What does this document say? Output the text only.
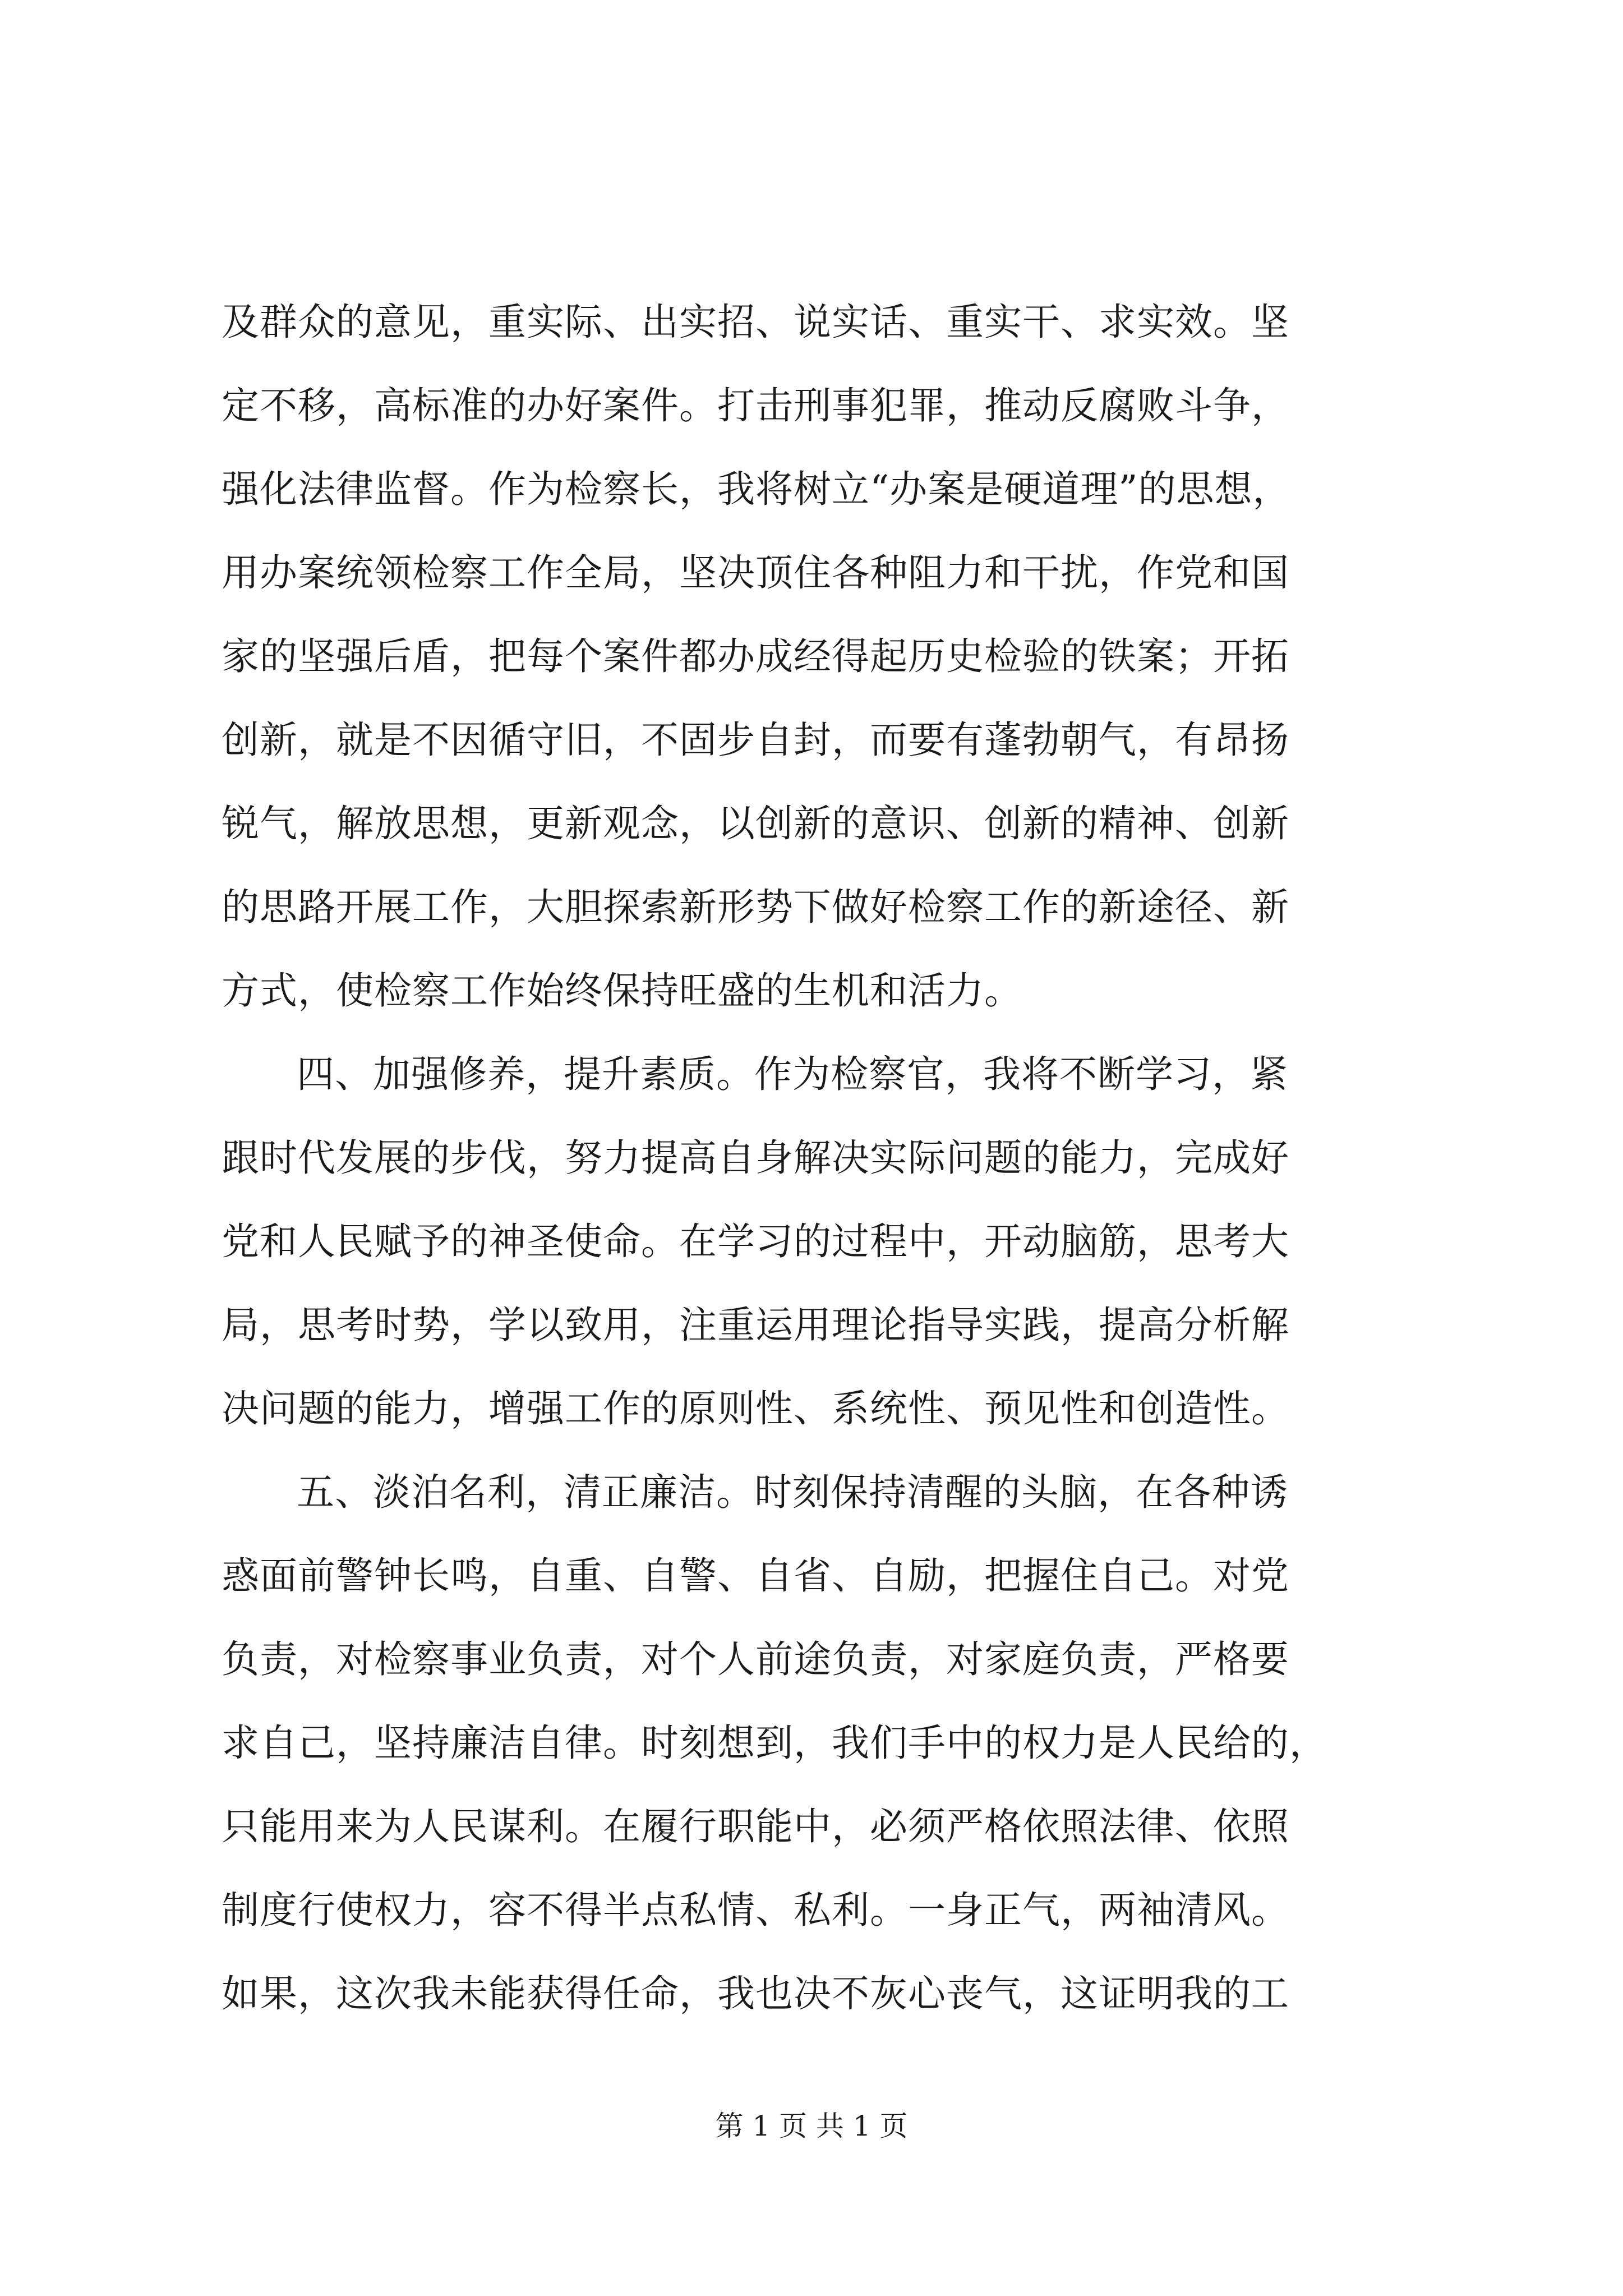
及群众的意见，重实际、出实招、说实话、重实干、求实效。坚
定不移，高标准的办好案件。打击刑事犯罪，推动反腐败斗争，
强化法律监督。作为检察长，我将树立“办案是硬道理”的思想，
用办案统领检察工作全局，坚决顶住各种阻力和干扰，作党和国
家的坚强后盾，把每个案件都办成经得起历史检验的铁案；开拓
创新，就是不因循守旧，不固步自封，而要有蓬勃朝气，有昂扬
锐气，解放思想，更新观念，以创新的意识、创新的精神、创新
的思路开展工作，大胆探索新形势下做好检察工作的新途径、新
方式，使检察工作始终保持旺盛的生机和活力。
四、加强修养，提升素质。作为检察官，我将不断学习，紧
跟时代发展的步伐，努力提高自身解决实际问题的能力，完成好
党和人民赋予的神圣使命。在学习的过程中，开动脑筋，思考大
局，思考时势，学以致用，注重运用理论指导实践，提高分析解
决问题的能力，增强工作的原则性、系统性、预见性和创造性。
五、淡泊名利，清正廉洁。时刻保持清醒的头脑，在各种诱
惑面前警钟长鸣，自重、自警、自省、自励，把握住自己。对党
负责，对检察事业负责，对个人前途负责，对家庭负责，严格要
求自己，坚持廉洁自律。时刻想到，我们手中的权力是人民给的，
只能用来为人民谋利。在履行职能中，必须严格依照法律、依照
制度行使权力，容不得半点私情、私利。一身正气，两袖清风。
如果，这次我未能获得任命，我也决不灰心丧气，这证明我的工
第 1 页 共 1 页
